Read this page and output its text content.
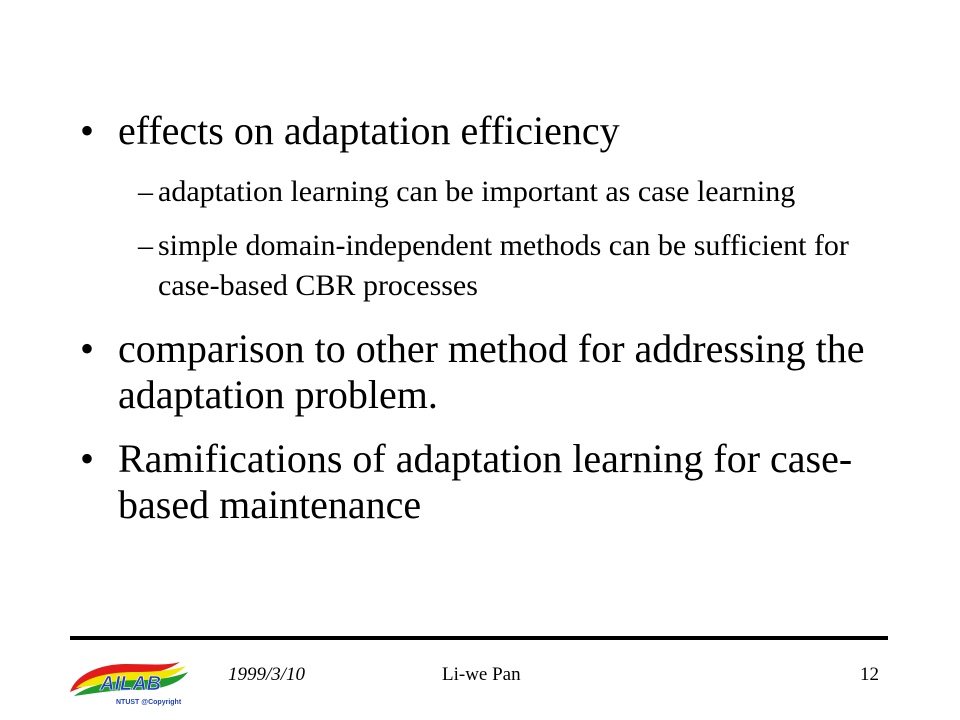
• effects on adaptation efficiency
– adaptation learning can be important as case learning
– simple domain-independent methods can be sufficient for case-based CBR processes
• comparison to other method for addressing the adaptation problem.
• Ramifications of adaptation learning for case-based maintenance
AILAB
NTUST @Copyright
1999/3/10	Li-we Pan	12
